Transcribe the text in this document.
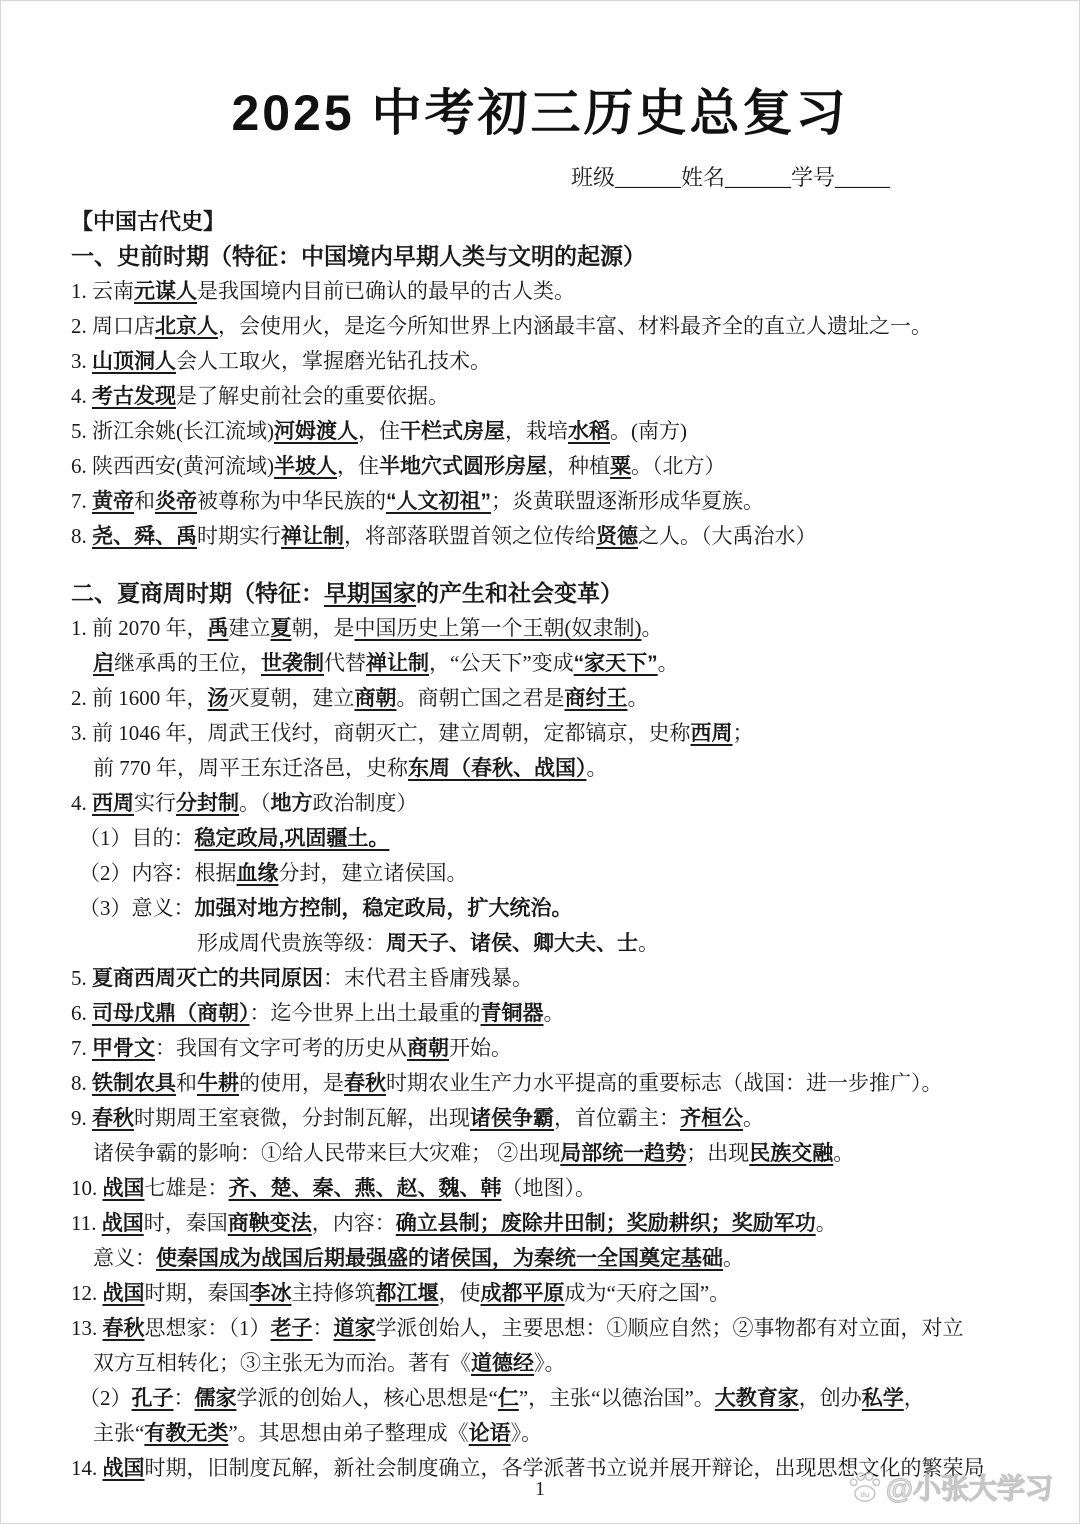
2025 中考初三历史总复习
班级______姓名______学号_____
【中国古代史】
一、史前时期（特征：中国境内早期人类与文明的起源）
1. 云南元谋人是我国境内目前已确认的最早的古人类。
2. 周口店北京人，会使用火，是迄今所知世界上内涵最丰富、材料最齐全的直立人遗址之一。
3. 山顶洞人会人工取火，掌握磨光钻孔技术。
4. 考古发现是了解史前社会的重要依据。
5. 浙江余姚(长江流域)河姆渡人，住干栏式房屋，栽培水稻。(南方)
6. 陕西西安(黄河流域)半坡人，住半地穴式圆形房屋，种植粟。（北方）
7. 黄帝和炎帝被尊称为中华民族的“人文初祖”；炎黄联盟逐渐形成华夏族。
8. 尧、舜、禹时期实行禅让制，将部落联盟首领之位传给贤德之人。（大禹治水）
二、夏商周时期（特征：早期国家的产生和社会变革）
1. 前 2070 年，禹建立夏朝，是中国历史上第一个王朝(奴隶制)。
启继承禹的王位，世袭制代替禅让制，“公天下”变成“家天下”。
2. 前 1600 年，汤灭夏朝，建立商朝。商朝亡国之君是商纣王。
3. 前 1046 年，周武王伐纣，商朝灭亡，建立周朝，定都镐京，史称西周；
前 770 年，周平王东迁洛邑，史称东周（春秋、战国）。
4. 西周实行分封制。（地方政治制度）
（1）目的：稳定政局,巩固疆土。
（2）内容：根据血缘分封，建立诸侯国。
（3）意义：加强对地方控制，稳定政局，扩大统治。
形成周代贵族等级：周天子、诸侯、卿大夫、士。
5. 夏商西周灭亡的共同原因：末代君主昏庸残暴。
6. 司母戊鼎（商朝）：迄今世界上出土最重的青铜器。
7. 甲骨文：我国有文字可考的历史从商朝开始。
8. 铁制农具和牛耕的使用，是春秋时期农业生产力水平提高的重要标志（战国：进一步推广）。
9. 春秋时期周王室衰微，分封制瓦解，出现诸侯争霸，首位霸主：齐桓公。
诸侯争霸的影响：①给人民带来巨大灾难； ②出现局部统一趋势；出现民族交融。
10. 战国七雄是：齐、楚、秦、燕、赵、魏、韩（地图）。
11. 战国时，秦国商鞅变法，内容：确立县制；废除井田制；奖励耕织；奖励军功。
意义：使秦国成为战国后期最强盛的诸侯国，为秦统一全国奠定基础。
12. 战国时期，秦国李冰主持修筑都江堰，使成都平原成为“天府之国”。
13. 春秋思想家：（1）老子：道家学派创始人，主要思想：①顺应自然；②事物都有对立面，对立
双方互相转化；③主张无为而治。著有《道德经》。
（2）孔子：儒家学派的创始人，核心思想是“仁”，主张“以德治国”。大教育家，创办私学，
主张“有教无类”。其思想由弟子整理成《论语》。
14. 战国时期，旧制度瓦解，新社会制度确立，各学派著书立说并展开辩论，出现思想文化的繁荣局
1	du @小张大学习
